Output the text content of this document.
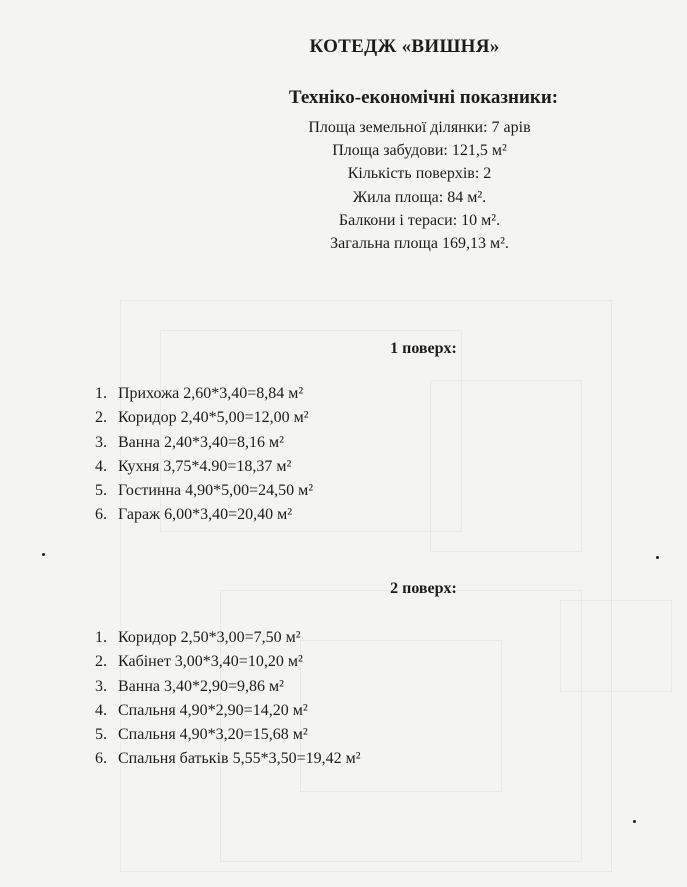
КОТЕДЖ «ВИШНЯ»
Техніко-економічні показники:
Площа земельної ділянки: 7 арів
Площа забудови: 121,5 м²
Кількість поверхів: 2
Жила площа: 84 м².
Балкони і тераси: 10 м².
Загальна площа 169,13 м².
1 поверх:
1. Прихожа 2,60*3,40=8,84 м²
2. Коридор 2,40*5,00=12,00 м²
3. Ванна 2,40*3,40=8,16 м²
4. Кухня 3,75*4.90=18,37 м²
5. Гостинна 4,90*5,00=24,50 м²
6. Гараж 6,00*3,40=20,40 м²
2 поверх:
1. Коридор 2,50*3,00=7,50 м²
2. Кабінет 3,00*3,40=10,20 м²
3. Ванна 3,40*2,90=9,86 м²
4. Спальня 4,90*2,90=14,20 м²
5. Спальня 4,90*3,20=15,68 м²
6. Спальня батьків 5,55*3,50=19,42 м²
